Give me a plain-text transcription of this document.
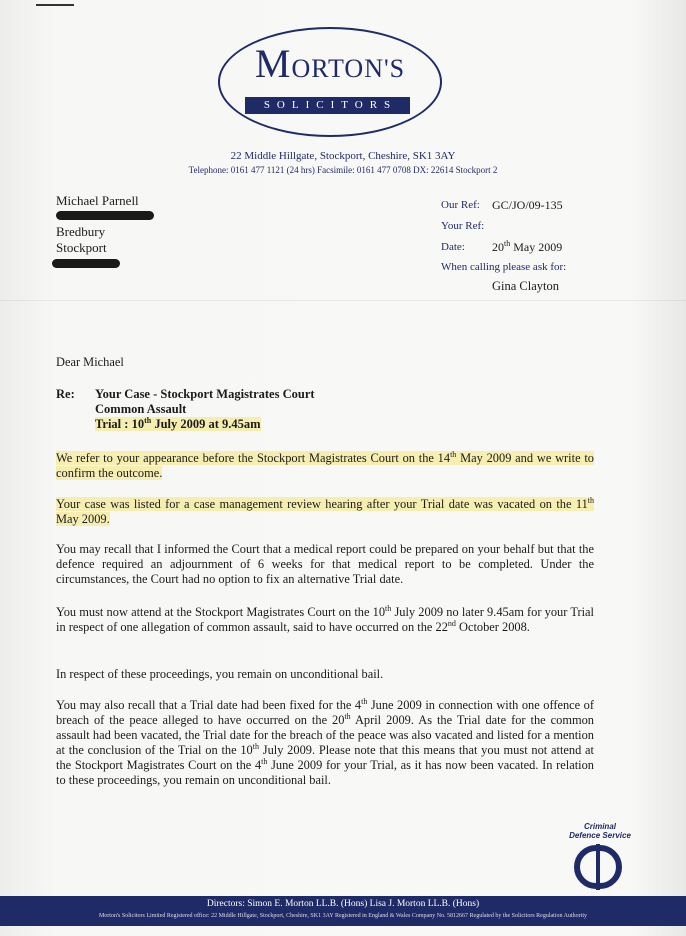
MORTON'S
SOLICITORS
22 Middle Hillgate, Stockport, Cheshire, SK1 3AY
Telephone: 0161 477 1121 (24 hrs) Facsimile: 0161 477 0708 DX: 22614 Stockport 2
Michael Parnell
Bredbury
Stockport
Our Ref: GC/JO/09-135
Your Ref:
Date: 20th May 2009
When calling please ask for:
Gina Clayton
Dear Michael
Re: Your Case - Stockport Magistrates Court
Common Assault
Trial : 10th July 2009 at 9.45am
We refer to your appearance before the Stockport Magistrates Court on the 14th May 2009 and we write to confirm the outcome.
Your case was listed for a case management review hearing after your Trial date was vacated on the 11th May 2009.
You may recall that I informed the Court that a medical report could be prepared on your behalf but that the defence required an adjournment of 6 weeks for that medical report to be completed. Under the circumstances, the Court had no option to fix an alternative Trial date.
You must now attend at the Stockport Magistrates Court on the 10th July 2009 no later 9.45am for your Trial in respect of one allegation of common assault, said to have occurred on the 22nd October 2008.
In respect of these proceedings, you remain on unconditional bail.
You may also recall that a Trial date had been fixed for the 4th June 2009 in connection with one offence of breach of the peace alleged to have occurred on the 20th April 2009. As the Trial date for the common assault had been vacated, the Trial date for the breach of the peace was also vacated and listed for a mention at the conclusion of the Trial on the 10th July 2009. Please note that this means that you must not attend at the Stockport Magistrates Court on the 4th June 2009 for your Trial, as it has now been vacated. In relation to these proceedings, you remain on unconditional bail.
Criminal
Defence Service
Directors: Simon E. Morton LL.B. (Hons) Lisa J. Morton LL.B. (Hons)
Morton's Solicitors Limited Registered office: 22 Middle Hillgate, Stockport, Cheshire, SK1 3AY Registered in England & Wales Company No. 5812667 Regulated by the Solicitors Regulation Authority
